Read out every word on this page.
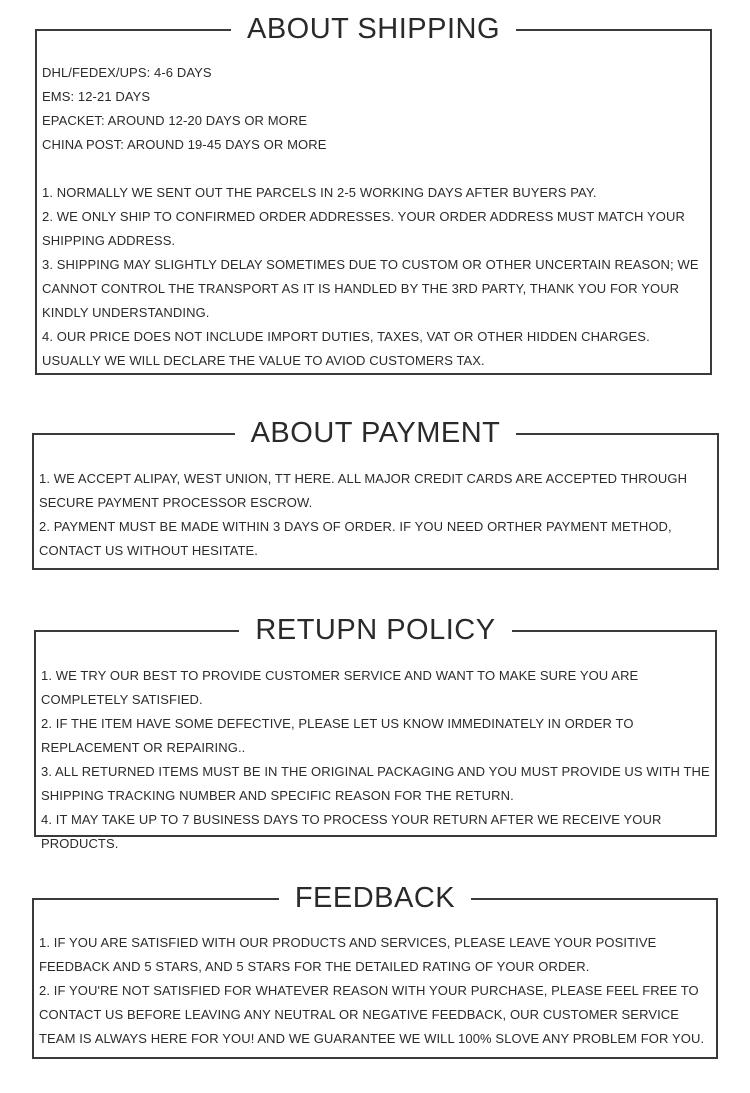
ABOUT SHIPPING
DHL/FEDEX/UPS: 4-6 DAYS
EMS: 12-21 DAYS
EPACKET: AROUND 12-20 DAYS OR MORE
CHINA POST: AROUND 19-45 DAYS OR MORE
1. NORMALLY WE SENT OUT THE PARCELS IN 2-5 WORKING DAYS AFTER BUYERS PAY.
2. WE ONLY SHIP TO CONFIRMED ORDER ADDRESSES. YOUR ORDER ADDRESS MUST MATCH YOUR SHIPPING ADDRESS.
3. SHIPPING MAY SLIGHTLY DELAY SOMETIMES DUE TO CUSTOM OR OTHER UNCERTAIN REASON; WE CANNOT CONTROL THE TRANSPORT AS IT IS HANDLED BY THE 3RD PARTY, THANK YOU FOR YOUR KINDLY UNDERSTANDING.
4. OUR PRICE DOES NOT INCLUDE IMPORT DUTIES, TAXES, VAT OR OTHER HIDDEN CHARGES. USUALLY WE WILL DECLARE THE VALUE TO AVIOD CUSTOMERS TAX.
ABOUT PAYMENT
1. WE ACCEPT ALIPAY, WEST UNION, TT HERE. ALL MAJOR CREDIT CARDS ARE ACCEPTED THROUGH SECURE PAYMENT PROCESSOR ESCROW.
2. PAYMENT MUST BE MADE WITHIN 3 DAYS OF ORDER. IF YOU NEED ORTHER PAYMENT METHOD, CONTACT US WITHOUT HESITATE.
RETUPN POLICY
1. WE TRY OUR BEST TO PROVIDE CUSTOMER SERVICE AND WANT TO MAKE SURE YOU ARE COMPLETELY SATISFIED.
2. IF THE ITEM HAVE SOME DEFECTIVE, PLEASE LET US KNOW IMMEDINATELY IN ORDER TO REPLACEMENT OR REPAIRING..
3. ALL RETURNED ITEMS MUST BE IN THE ORIGINAL PACKAGING AND YOU MUST PROVIDE US WITH THE SHIPPING TRACKING NUMBER AND SPECIFIC REASON FOR THE RETURN.
4. IT MAY TAKE UP TO 7 BUSINESS DAYS TO PROCESS YOUR RETURN AFTER WE RECEIVE YOUR PRODUCTS.
FEEDBACK
1. IF YOU ARE SATISFIED WITH OUR PRODUCTS AND SERVICES, PLEASE LEAVE YOUR POSITIVE FEEDBACK AND 5 STARS, AND 5 STARS FOR THE DETAILED RATING OF YOUR ORDER.
2. IF YOU'RE NOT SATISFIED FOR WHATEVER REASON WITH YOUR PURCHASE, PLEASE FEEL FREE TO CONTACT US BEFORE LEAVING ANY NEUTRAL OR NEGATIVE FEEDBACK, OUR CUSTOMER SERVICE TEAM IS ALWAYS HERE FOR YOU! AND WE GUARANTEE WE WILL 100% SLOVE ANY PROBLEM FOR YOU.
